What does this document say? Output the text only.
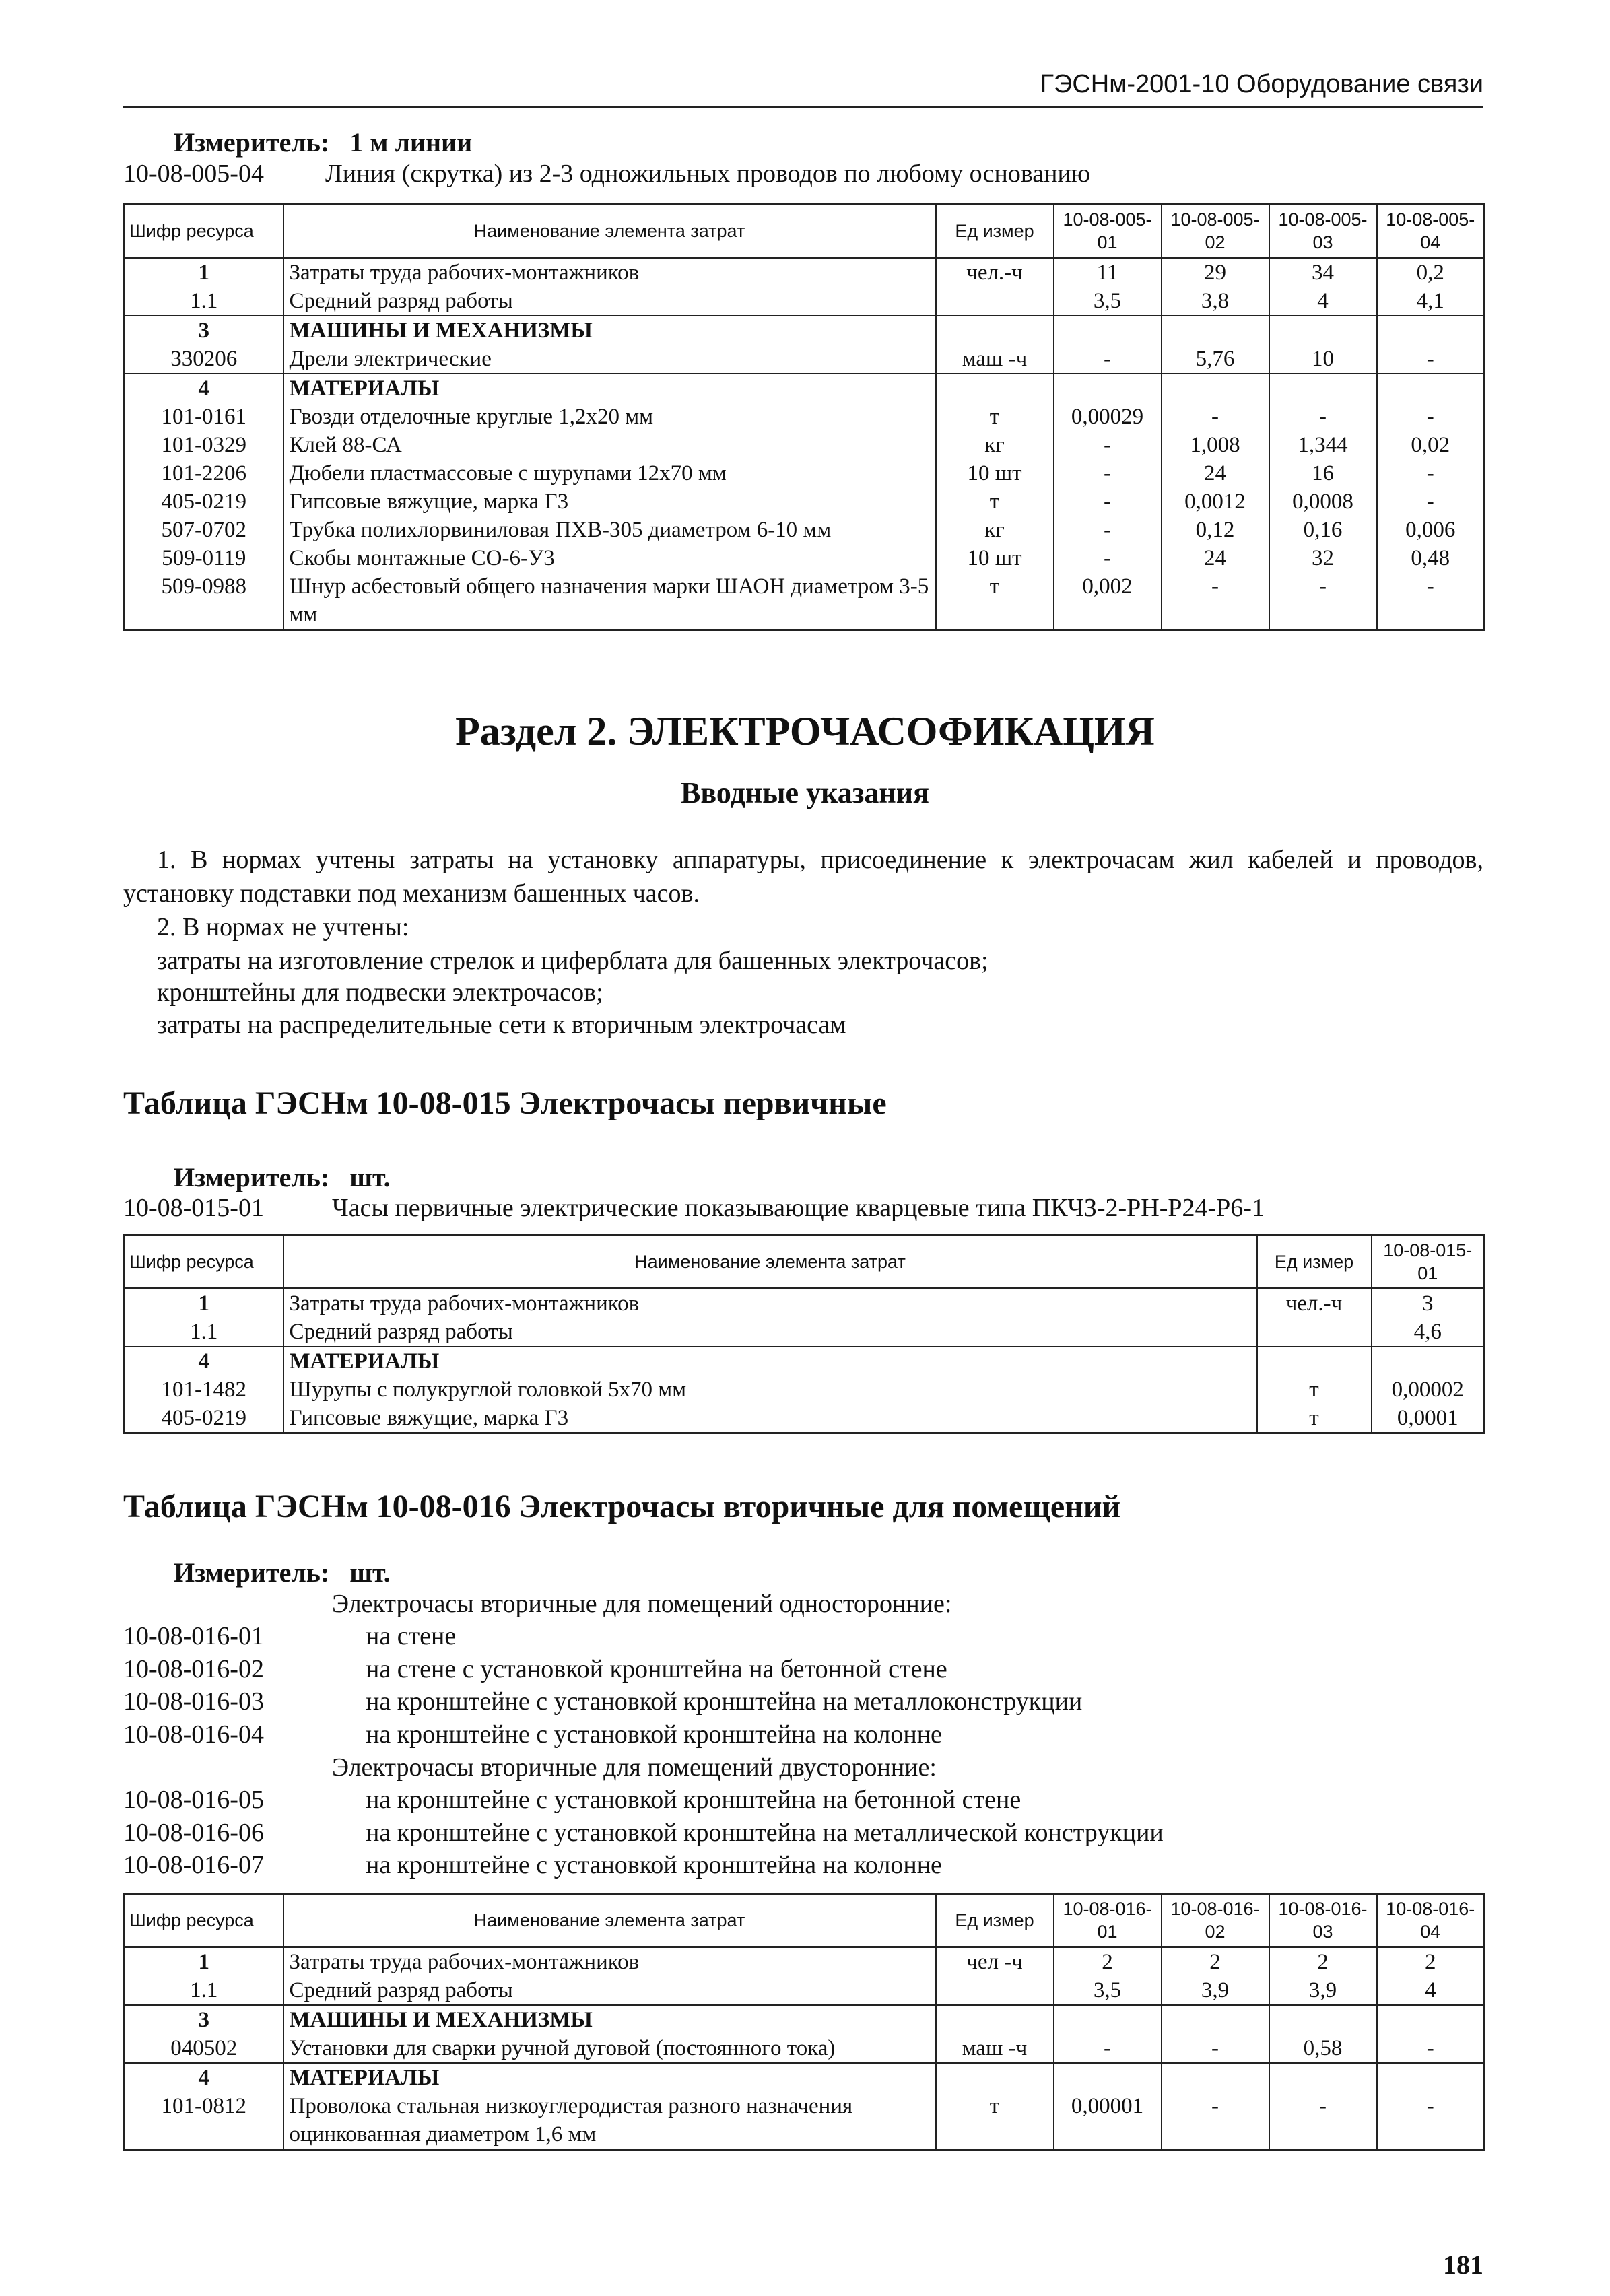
ГЭСНм-2001-10 Оборудование связи
Измеритель: 1 м линии
10-08-005-04 Линия (скрутка) из 2-3 одножильных проводов по любому основанию
Шифр ресурса	Наименование элемента затрат	Ед измер	10-08-005-01	10-08-005-02	10-08-005-03	10-08-005-04
1	Затраты труда рабочих-монтажников	чел.-ч	11	29	34	0,2
1.1	Средний разряд работы		3,5	3,8	4	4,1
3	МАШИНЫ И МЕХАНИЗМЫ					
330206	Дрели электрические	маш -ч	-	5,76	10	-
4	МАТЕРИАЛЫ					
101-0161	Гвозди отделочные круглые 1,2х20 мм	т	0,00029	-	-	-
101-0329	Клей 88-СА	кг	-	1,008	1,344	0,02
101-2206	Дюбели пластмассовые с шурупами 12х70 мм	10 шт	-	24	16	-
405-0219	Гипсовые вяжущие, марка Г3	т	-	0,0012	0,0008	-
507-0702	Трубка полихлорвиниловая ПХВ-305 диаметром 6-10 мм	кг	-	0,12	0,16	0,006
509-0119	Скобы монтажные СО-6-У3	10 шт	-	24	32	0,48
509-0988	Шнур асбестовый общего назначения марки ШАОН диаметром 3-5 мм	т	0,002	-	-	-
Раздел 2. ЭЛЕКТРОЧАСОФИКАЦИЯ
Вводные указания
1. В нормах учтены затраты на установку аппаратуры, присоединение к электрочасам жил кабелей и проводов, установку подставки под механизм башенных часов.
2. В нормах не учтены:
затраты на изготовление стрелок и циферблата для башенных электрочасов;
кронштейны для подвески электрочасов;
затраты на распределительные сети к вторичным электрочасам
Таблица ГЭСНм 10-08-015 Электрочасы первичные
Измеритель: шт.
10-08-015-01	Часы первичные электрические показывающие кварцевые типа ПКЧЗ-2-РН-Р24-Р6-1
Шифр ресурса	Наименование элемента затрат	Ед измер	10-08-015-01
1	Затраты труда рабочих-монтажников	чел.-ч	3
1.1	Средний разряд работы		4,6
4	МАТЕРИАЛЫ		
101-1482	Шурупы с полукруглой головкой 5х70 мм	т	0,00002
405-0219	Гипсовые вяжущие, марка Г3	т	0,0001
Таблица ГЭСНм 10-08-016 Электрочасы вторичные для помещений
Измеритель: шт.
Электрочасы вторичные для помещений односторонние:
10-08-016-01	на стене
10-08-016-02	на стене с установкой кронштейна на бетонной стене
10-08-016-03	на кронштейне с установкой кронштейна на металлоконструкции
10-08-016-04	на кронштейне с установкой кронштейна на колонне
Электрочасы вторичные для помещений двусторонние:
10-08-016-05	на кронштейне с установкой кронштейна на бетонной стене
10-08-016-06	на кронштейне с установкой кронштейна на металлической конструкции
10-08-016-07	на кронштейне с установкой кронштейна на колонне
Шифр ресурса	Наименование элемента затрат	Ед измер	10-08-016-01	10-08-016-02	10-08-016-03	10-08-016-04
1	Затраты труда рабочих-монтажников	чел -ч	2	2	2	2
1.1	Средний разряд работы		3,5	3,9	3,9	4
3	МАШИНЫ И МЕХАНИЗМЫ					
040502	Установки для сварки ручной дуговой (постоянного тока)	маш -ч	-	-	0,58	-
4	МАТЕРИАЛЫ					
101-0812	Проволока стальная низкоуглеродистая разного назначения оцинкованная диаметром 1,6 мм	т	0,00001	-	-	-
181
